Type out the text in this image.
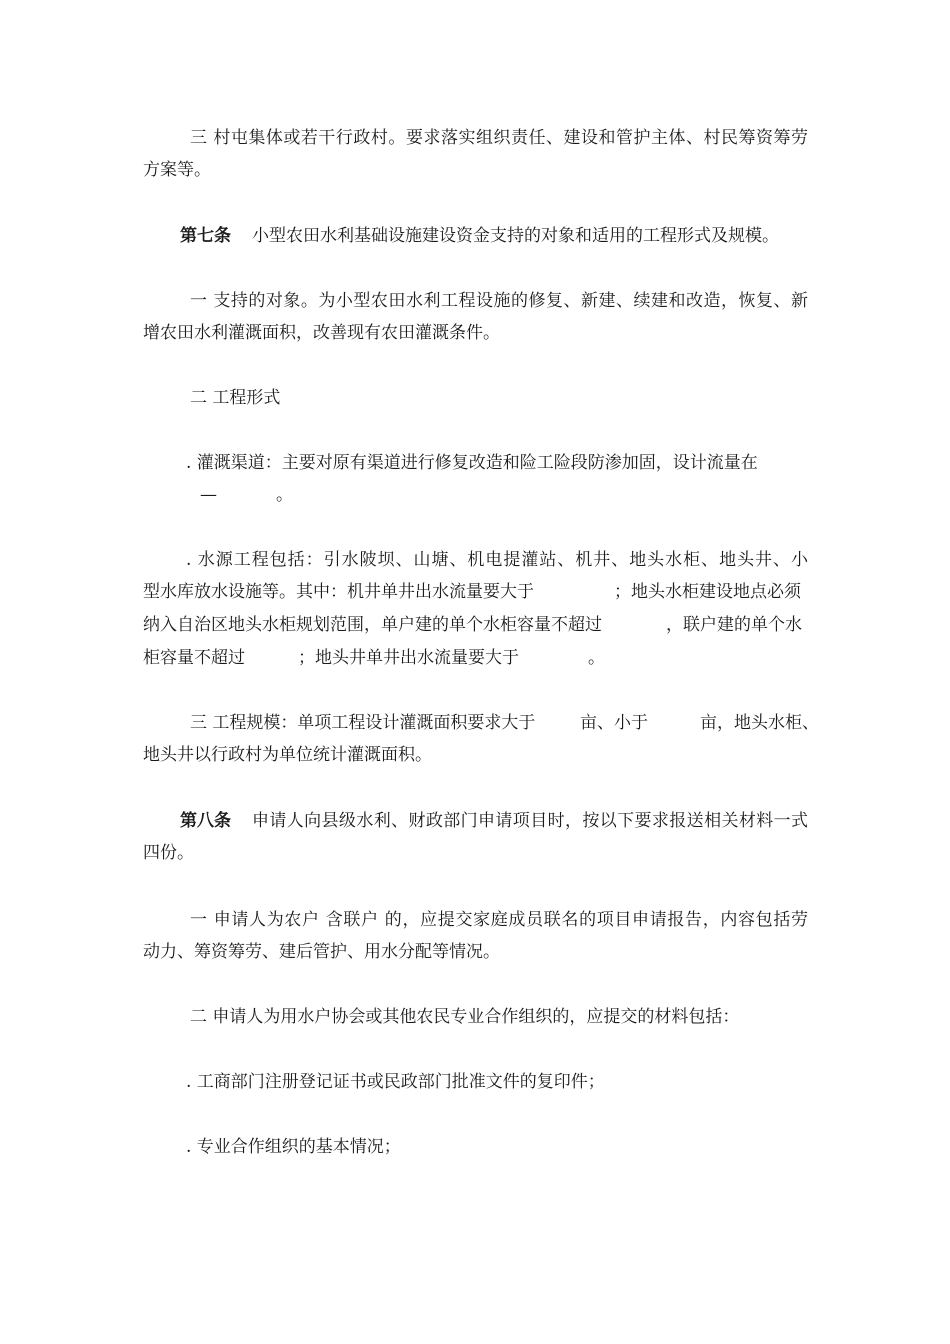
三 村屯集体或若干行政村。要求落实组织责任、建设和管护主体、村民筹资筹劳
方案等。
第七条 小型农田水利基础设施建设资金支持的对象和适用的工程形式及规模。
一 支持的对象。为小型农田水利工程设施的修复、新建、续建和改造，恢复、新
增农田水利灌溉面积，改善现有农田灌溉条件。
二 工程形式
. 灌溉渠道：主要对原有渠道进行修复改造和险工险段防渗加固，设计流量在
—	。
. 水源工程包括：引水陂坝、山塘、机电提灌站、机井、地头水柜、地头井、小
型水库放水设施等。其中：机井单井出水流量要大于	；地头水柜建设地点必须
纳入自治区地头水柜规划范围，单户建的单个水柜容量不超过	，联户建的单个水
柜容量不超过	；地头井单井出水流量要大于	。
三 工程规模：单项工程设计灌溉面积要求大于	亩、小于	亩，地头水柜、
地头井以行政村为单位统计灌溉面积。
第八条 申请人向县级水利、财政部门申请项目时，按以下要求报送相关材料一式
四份。
一 申请人为农户 含联户 的，应提交家庭成员联名的项目申请报告，内容包括劳
动力、筹资筹劳、建后管护、用水分配等情况。
二 申请人为用水户协会或其他农民专业合作组织的，应提交的材料包括：
. 工商部门注册登记证书或民政部门批准文件的复印件；
. 专业合作组织的基本情况；
